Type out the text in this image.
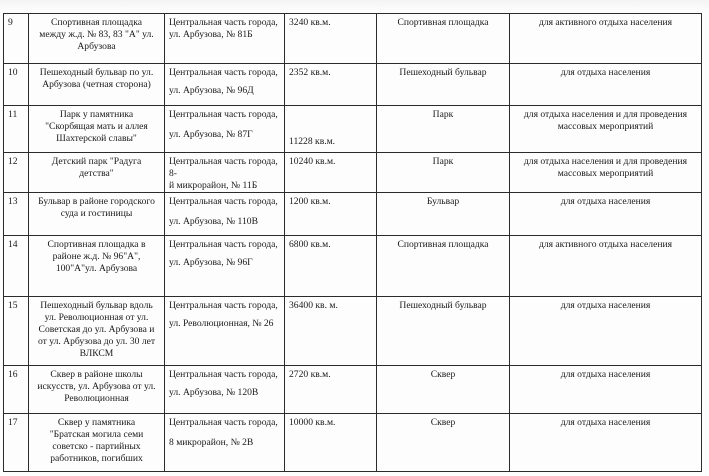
9	Спортивная площадка
между ж.д. № 83, 83 "А" ул.
Арбузова	Центральная часть города,
ул. Арбузова, № 81Б	3240 кв.м.	Спортивная площадка	для активного отдыха населения

10	Пешеходный бульвар по ул.
Арбузова (четная сторона)	Центральная часть города,
ул. Арбузова, № 96Д	2352 кв.м.	Пешеходный бульвар	для отдыха населения

11	Парк у памятника
"Скорбящая мать и аллея
Шахтерской славы"	Центральная часть города,
ул. Арбузова, № 87Г	11228 кв.м.	Парк	для отдыха населения и для проведения
массовых мероприятий

12	Детский парк "Радуга
детства"	Центральная часть города, 8-
й микрорайон, № 11Б	10240 кв.м.	Парк	для отдыха населения и для проведения
массовых мероприятий

13	Бульвар в районе городского
суда и гостиницы	Центральная часть города,
ул. Арбузова, № 110В	1200 кв.м.	Бульвар	для отдыха населения

14	Спортивная площадка в
районе ж.д. № 96"А",
100"А"ул. Арбузова	Центральная часть города,
ул. Арбузова, № 96Г	6800 кв.м.	Спортивная площадка	для активного отдыха населения

15	Пешеходный бульвар вдоль
ул. Революционная от ул.
Советская до ул. Арбузова и
от ул. Арбузова до ул. 30 лет
ВЛКСМ	Центральная часть города,
ул. Революционная, № 26	36400 кв. м.	Пешеходный бульвар	для отдыха населения

16	Сквер в районе школы
искусств, ул. Арбузова от ул.
Революционная	Центральная часть города,
ул. Арбузова, № 120В	2720 кв.м.	Сквер	для отдыха населения

17	Сквер у памятника
"Братская могила семи
советско - партийных
работников, погибших	Центральная часть города,
8 микрорайон, № 2В	10000 кв.м.	Сквер	для отдыха населения
